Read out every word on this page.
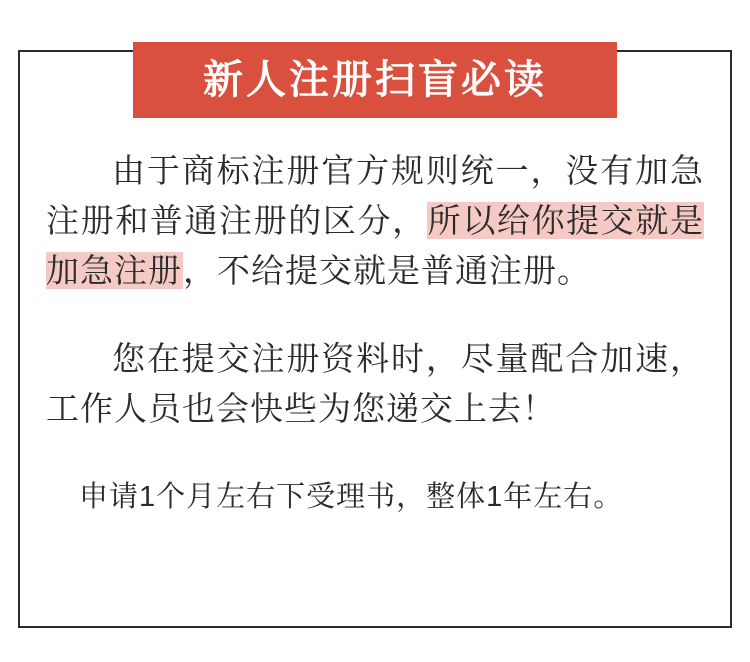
新人注册扫盲必读

由于商标注册官方规则统一，没有加急注册和普通注册的区分，所以给你提交就是加急注册，不给提交就是普通注册。

您在提交注册资料时，尽量配合加速，工作人员也会快些为您递交上去！

申请1个月左右下受理书，整体1年左右。
